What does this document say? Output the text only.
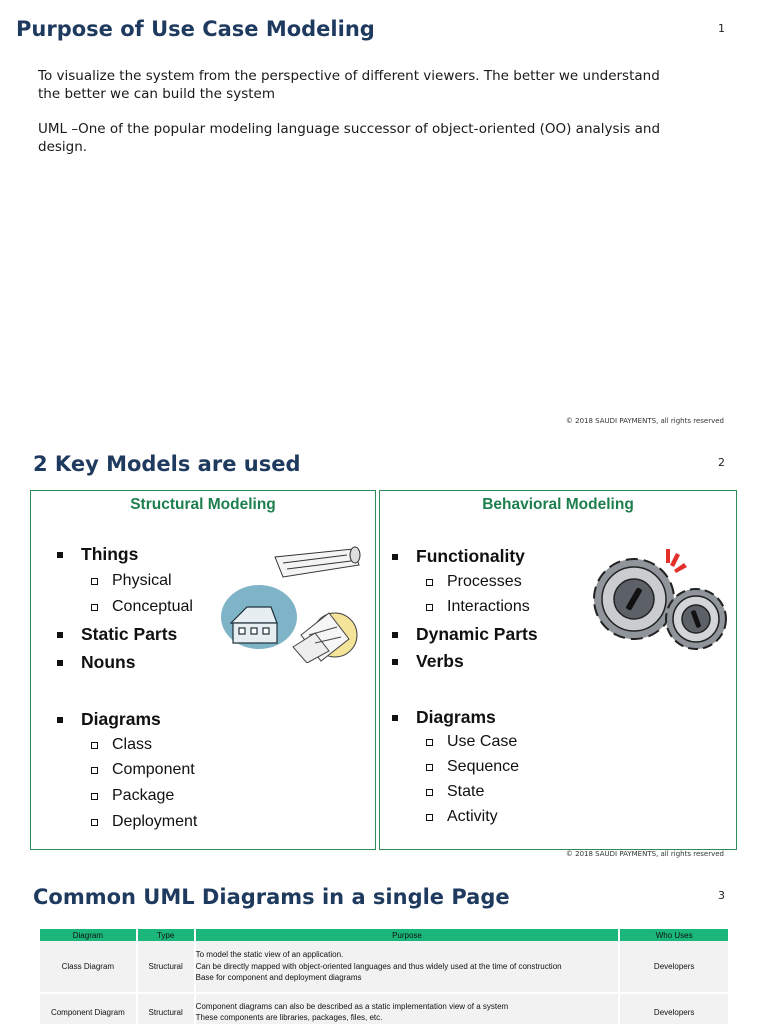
Purpose of Use Case Modeling	1
To visualize the system from the perspective of different viewers. The better we understand
the better we can build the system
UML –One of the popular modeling language successor of object-oriented (OO) analysis and
design.
© 2018 SAUDI PAYMENTS, all rights reserved
2 Key Models are used	2
Structural Modeling
Things
Physical
Conceptual
Static Parts
Nouns
Diagrams
Class
Component
Package
Deployment
Behavioral Modeling
Functionality
Processes
Interactions
Dynamic Parts
Verbs
Diagrams
Use Case
Sequence
State
Activity
© 2018 SAUDI PAYMENTS, all rights reserved
Common UML Diagrams in a single Page	3
Diagram	Type	Purpose	Who Uses
Class Diagram	Structural	To model the static view of an application.
Can be directly mapped with object-oriented languages and thus widely used at the time of construction
Base for component and deployment diagrams	Developers
Component Diagram	Structural	Component diagrams can also be described as a static implementation view of a system
These components are libraries, packages, files, etc.	Developers
